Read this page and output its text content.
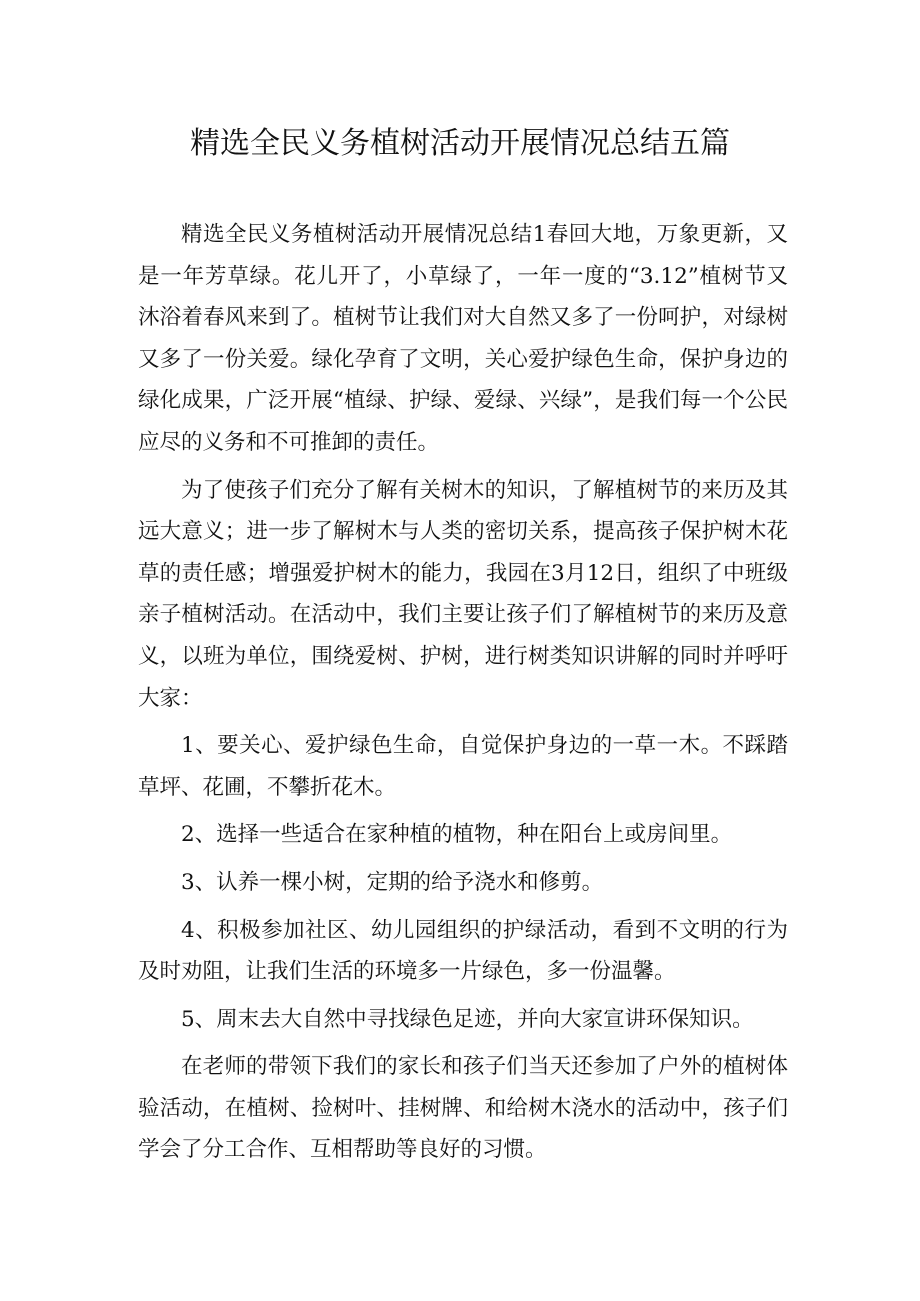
精选全民义务植树活动开展情况总结五篇

精选全民义务植树活动开展情况总结1春回大地，万象更新，又是一年芳草绿。花儿开了，小草绿了，一年一度的“3.12”植树节又沐浴着春风来到了。植树节让我们对大自然又多了一份呵护，对绿树又多了一份关爱。绿化孕育了文明，关心爱护绿色生命，保护身边的绿化成果，广泛开展“植绿、护绿、爱绿、兴绿”，是我们每一个公民应尽的义务和不可推卸的责任。

为了使孩子们充分了解有关树木的知识，了解植树节的来历及其远大意义；进一步了解树木与人类的密切关系，提高孩子保护树木花草的责任感；增强爱护树木的能力，我园在3月12日，组织了中班级亲子植树活动。在活动中，我们主要让孩子们了解植树节的来历及意义，以班为单位，围绕爱树、护树，进行树类知识讲解的同时并呼吁大家：

1、要关心、爱护绿色生命，自觉保护身边的一草一木。不踩踏草坪、花圃，不攀折花木。

2、选择一些适合在家种植的植物，种在阳台上或房间里。

3、认养一棵小树，定期的给予浇水和修剪。

4、积极参加社区、幼儿园组织的护绿活动，看到不文明的行为及时劝阻，让我们生活的环境多一片绿色，多一份温馨。

5、周末去大自然中寻找绿色足迹，并向大家宣讲环保知识。

在老师的带领下我们的家长和孩子们当天还参加了户外的植树体验活动，在植树、捡树叶、挂树牌、和给树木浇水的活动中，孩子们学会了分工合作、互相帮助等良好的习惯。
